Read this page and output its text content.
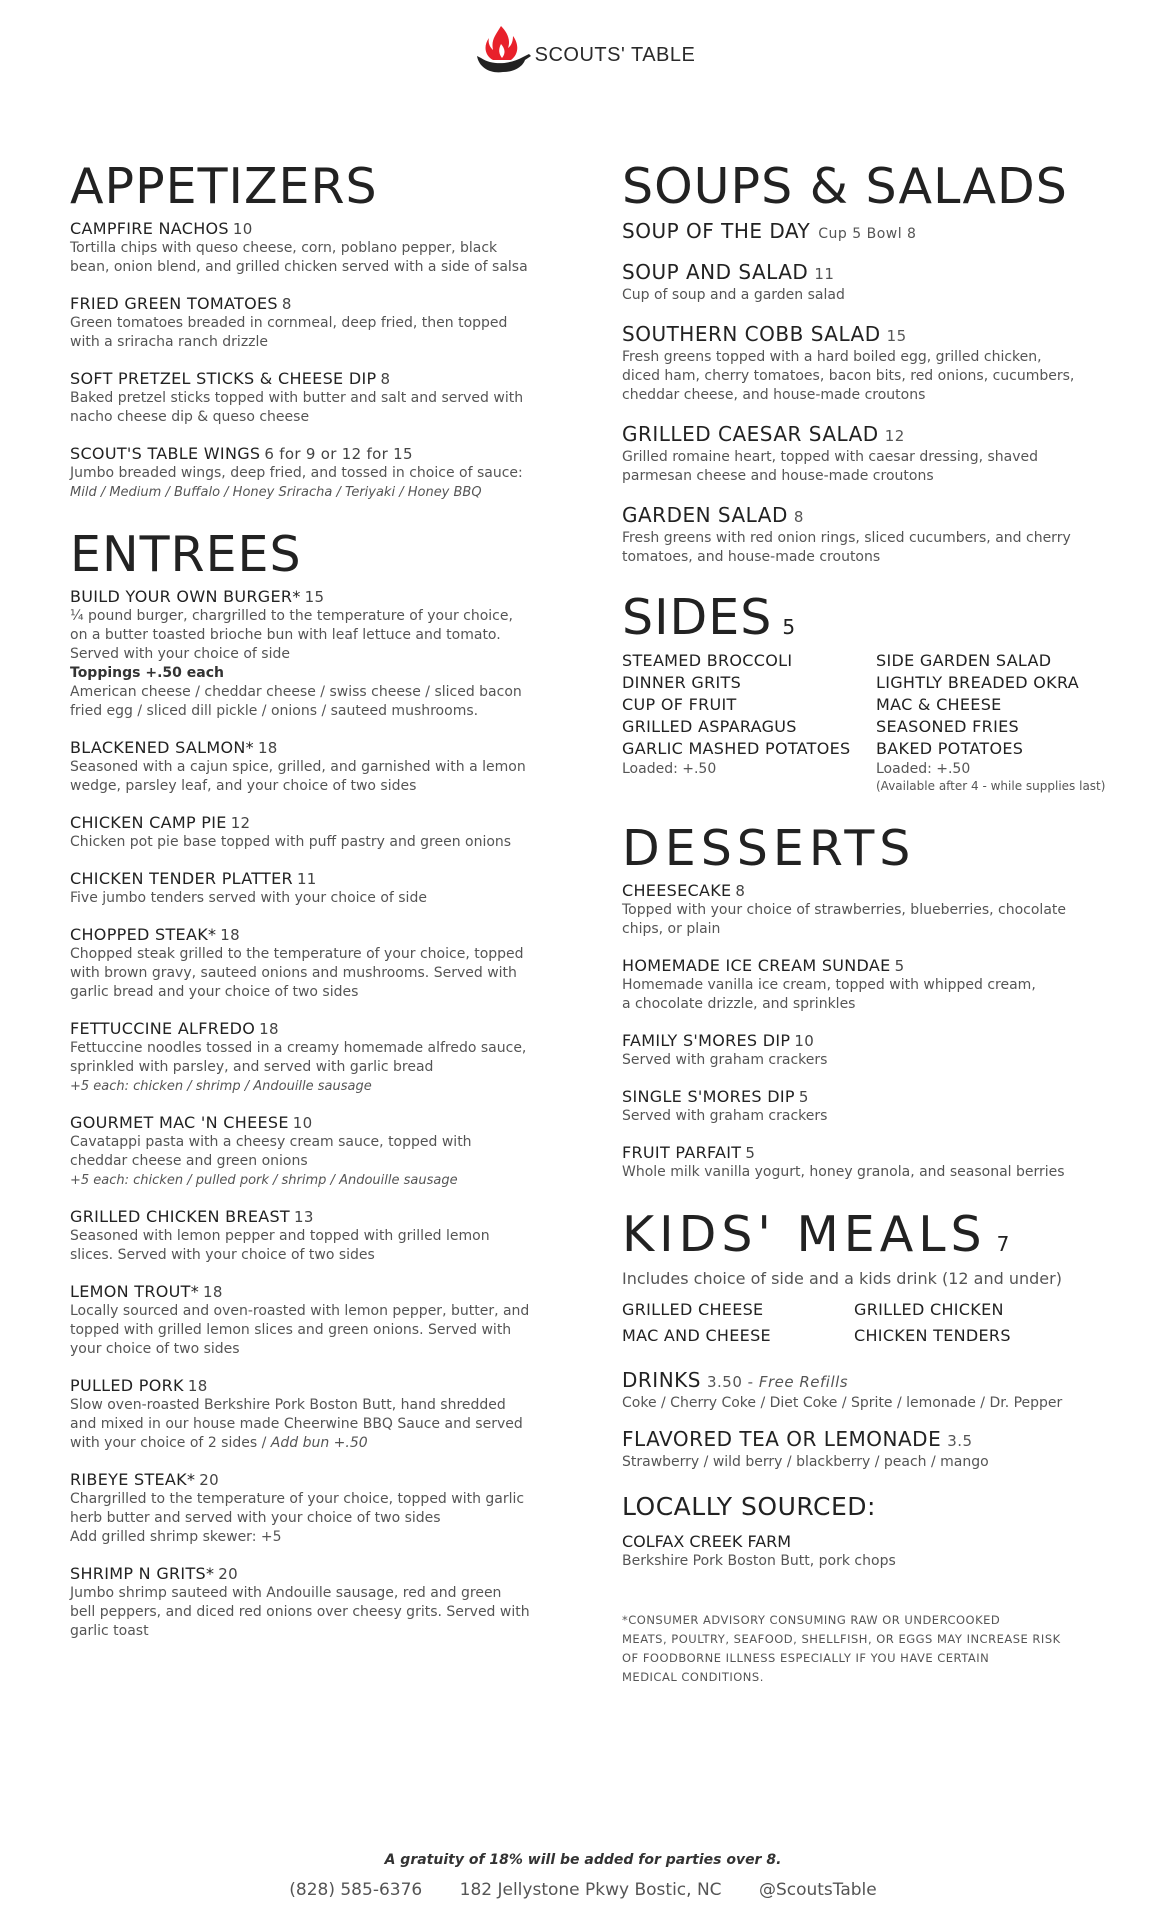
SCOUTS' TABLE
APPETIZERS
CAMPFIRE NACHOS 10
Tortilla chips with queso cheese, corn, poblano pepper, black
bean, onion blend, and grilled chicken served with a side of salsa
FRIED GREEN TOMATOES 8
Green tomatoes breaded in cornmeal, deep fried, then topped
with a sriracha ranch drizzle
SOFT PRETZEL STICKS & CHEESE DIP 8
Baked pretzel sticks topped with butter and salt and served with
nacho cheese dip & queso cheese
SCOUT'S TABLE WINGS 6 for 9 or 12 for 15
Jumbo breaded wings, deep fried, and tossed in choice of sauce:
Mild / Medium / Buffalo / Honey Sriracha / Teriyaki / Honey BBQ
ENTREES
BUILD YOUR OWN BURGER* 15
¼ pound burger, chargrilled to the temperature of your choice,
on a butter toasted brioche bun with leaf lettuce and tomato.
Served with your choice of side
Toppings +.50 each
American cheese / cheddar cheese / swiss cheese / sliced bacon
fried egg / sliced dill pickle / onions / sauteed mushrooms.
BLACKENED SALMON* 18
Seasoned with a cajun spice, grilled, and garnished with a lemon
wedge, parsley leaf, and your choice of two sides
CHICKEN CAMP PIE 12
Chicken pot pie base topped with puff pastry and green onions
CHICKEN TENDER PLATTER 11
Five jumbo tenders served with your choice of side
CHOPPED STEAK* 18
Chopped steak grilled to the temperature of your choice, topped
with brown gravy, sauteed onions and mushrooms. Served with
garlic bread and your choice of two sides
FETTUCCINE ALFREDO 18
Fettuccine noodles tossed in a creamy homemade alfredo sauce,
sprinkled with parsley, and served with garlic bread
+5 each: chicken / shrimp / Andouille sausage
GOURMET MAC 'N CHEESE 10
Cavatappi pasta with a cheesy cream sauce, topped with
cheddar cheese and green onions
+5 each: chicken / pulled pork / shrimp / Andouille sausage
GRILLED CHICKEN BREAST 13
Seasoned with lemon pepper and topped with grilled lemon
slices. Served with your choice of two sides
LEMON TROUT* 18
Locally sourced and oven-roasted with lemon pepper, butter, and
topped with grilled lemon slices and green onions. Served with
your choice of two sides
PULLED PORK 18
Slow oven-roasted Berkshire Pork Boston Butt, hand shredded
and mixed in our house made Cheerwine BBQ Sauce and served
with your choice of 2 sides / Add bun +.50
RIBEYE STEAK* 20
Chargrilled to the temperature of your choice, topped with garlic
herb butter and served with your choice of two sides
Add grilled shrimp skewer: +5
SHRIMP N GRITS* 20
Jumbo shrimp sauteed with Andouille sausage, red and green
bell peppers, and diced red onions over cheesy grits. Served with
garlic toast
SOUPS & SALADS
SOUP OF THE DAY Cup 5 Bowl 8
SOUP AND SALAD 11
Cup of soup and a garden salad
SOUTHERN COBB SALAD 15
Fresh greens topped with a hard boiled egg, grilled chicken,
diced ham, cherry tomatoes, bacon bits, red onions, cucumbers,
cheddar cheese, and house-made croutons
GRILLED CAESAR SALAD 12
Grilled romaine heart, topped with caesar dressing, shaved
parmesan cheese and house-made croutons
GARDEN SALAD 8
Fresh greens with red onion rings, sliced cucumbers, and cherry
tomatoes, and house-made croutons
SIDES 5
STEAMED BROCCOLI
DINNER GRITS
CUP OF FRUIT
GRILLED ASPARAGUS
GARLIC MASHED POTATOES
Loaded: +.50
SIDE GARDEN SALAD
LIGHTLY BREADED OKRA
MAC & CHEESE
SEASONED FRIES
BAKED POTATOES
Loaded: +.50
(Available after 4 - while supplies last)
DESSERTS
CHEESECAKE 8
Topped with your choice of strawberries, blueberries, chocolate
chips, or plain
HOMEMADE ICE CREAM SUNDAE 5
Homemade vanilla ice cream, topped with whipped cream,
a chocolate drizzle, and sprinkles
FAMILY S'MORES DIP 10
Served with graham crackers
SINGLE S'MORES DIP 5
Served with graham crackers
FRUIT PARFAIT 5
Whole milk vanilla yogurt, honey granola, and seasonal berries
KIDS' MEALS 7
Includes choice of side and a kids drink (12 and under)
GRILLED CHEESE	GRILLED CHICKEN
MAC AND CHEESE	CHICKEN TENDERS
DRINKS 3.50 - Free Refills
Coke / Cherry Coke / Diet Coke / Sprite / lemonade / Dr. Pepper
FLAVORED TEA OR LEMONADE 3.5
Strawberry / wild berry / blackberry / peach / mango
LOCALLY SOURCED:
COLFAX CREEK FARM
Berkshire Pork Boston Butt, pork chops
*CONSUMER ADVISORY CONSUMING RAW OR UNDERCOOKED
MEATS, POULTRY, SEAFOOD, SHELLFISH, OR EGGS MAY INCREASE RISK
OF FOODBORNE ILLNESS ESPECIALLY IF YOU HAVE CERTAIN
MEDICAL CONDITIONS.
A gratuity of 18% will be added for parties over 8.
(828) 585-6376 182 Jellystone Pkwy Bostic, NC @ScoutsTable
